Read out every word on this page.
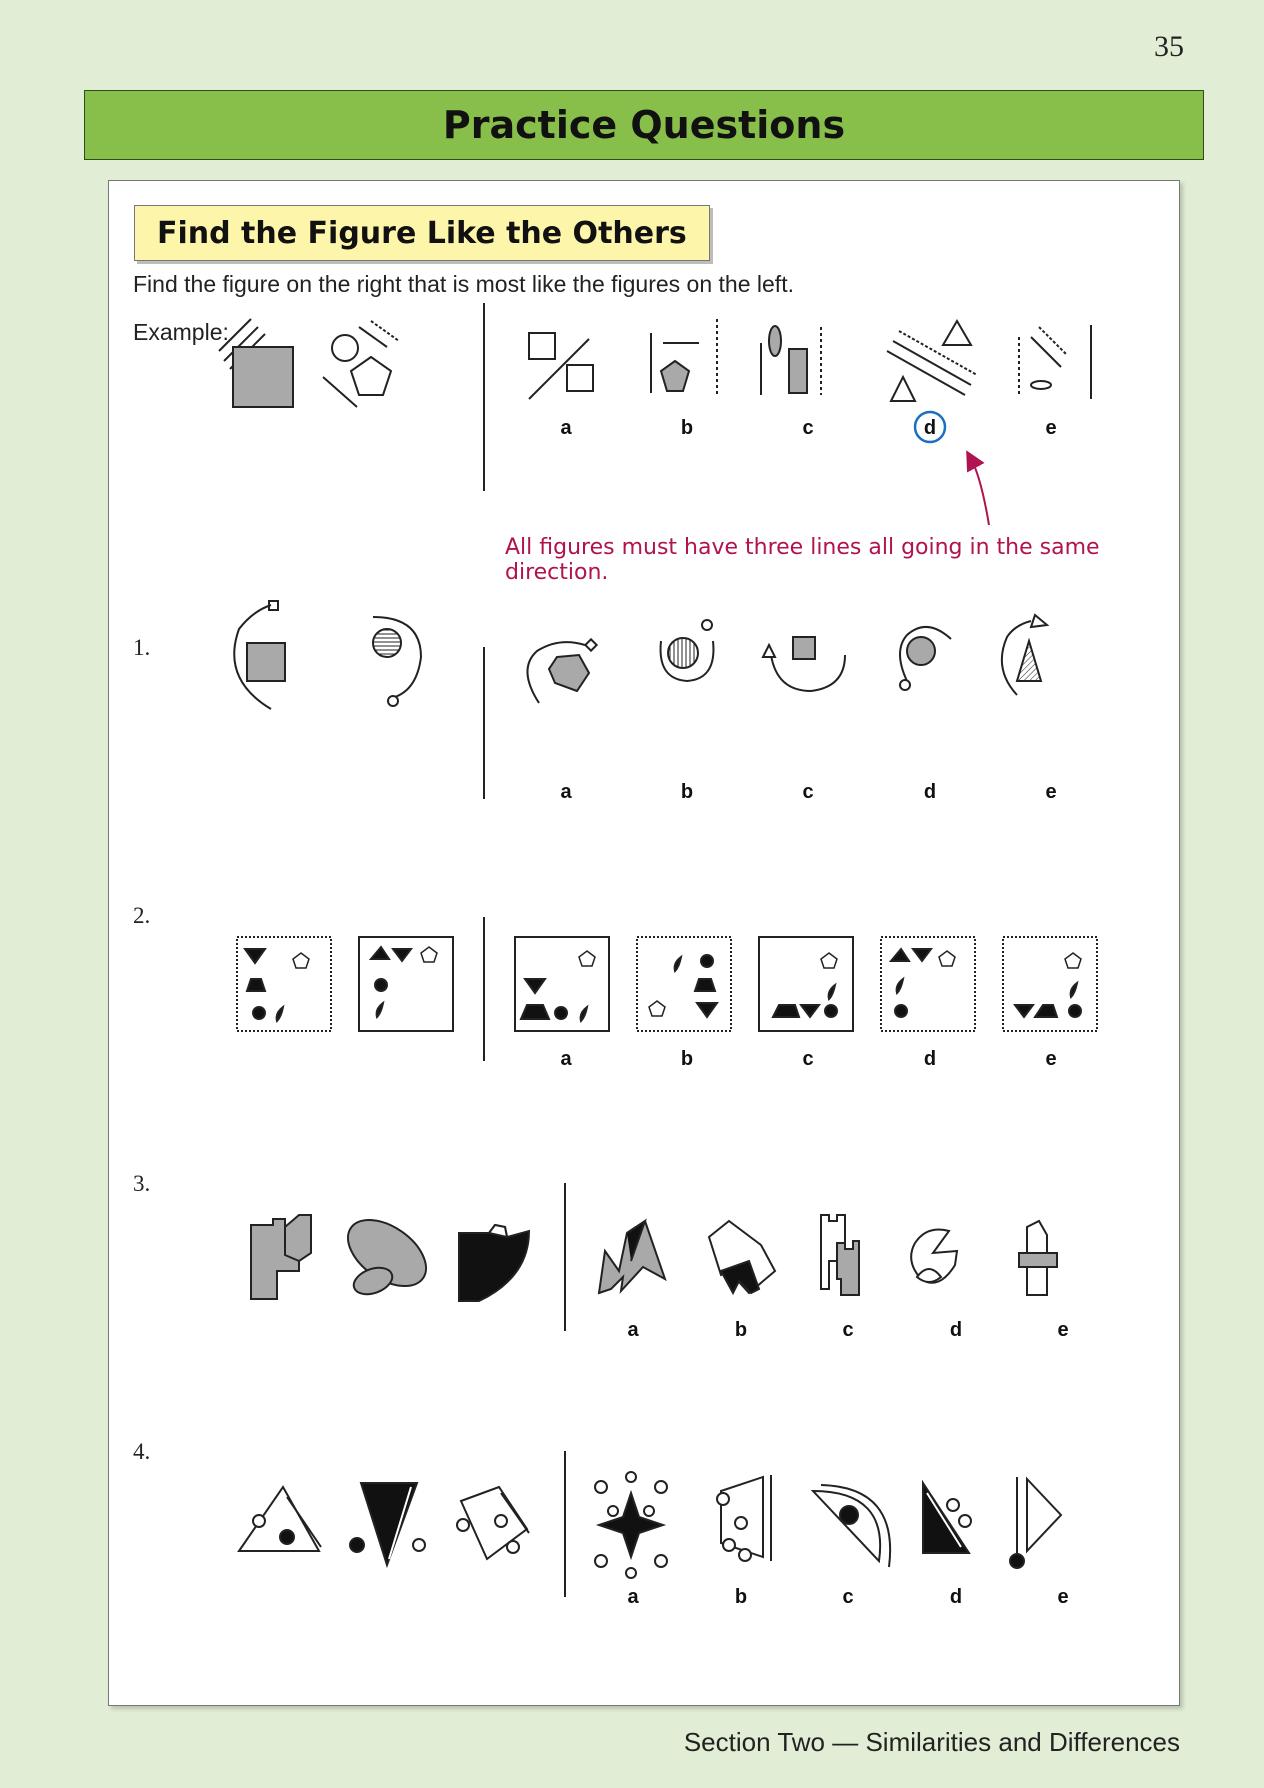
35
Practice Questions
Find the Figure Like the Others
Find the figure on the right that is most like the figures on the left.
Example:
1.
2.
3.
4.
All figures must have three lines all going in the same direction.
a	b	c	d	e
a	b	c	d	e
a	b	c	d	e
a	b	c	d	e
a	b	c	d	e
Section Two — Similarities and Differences
